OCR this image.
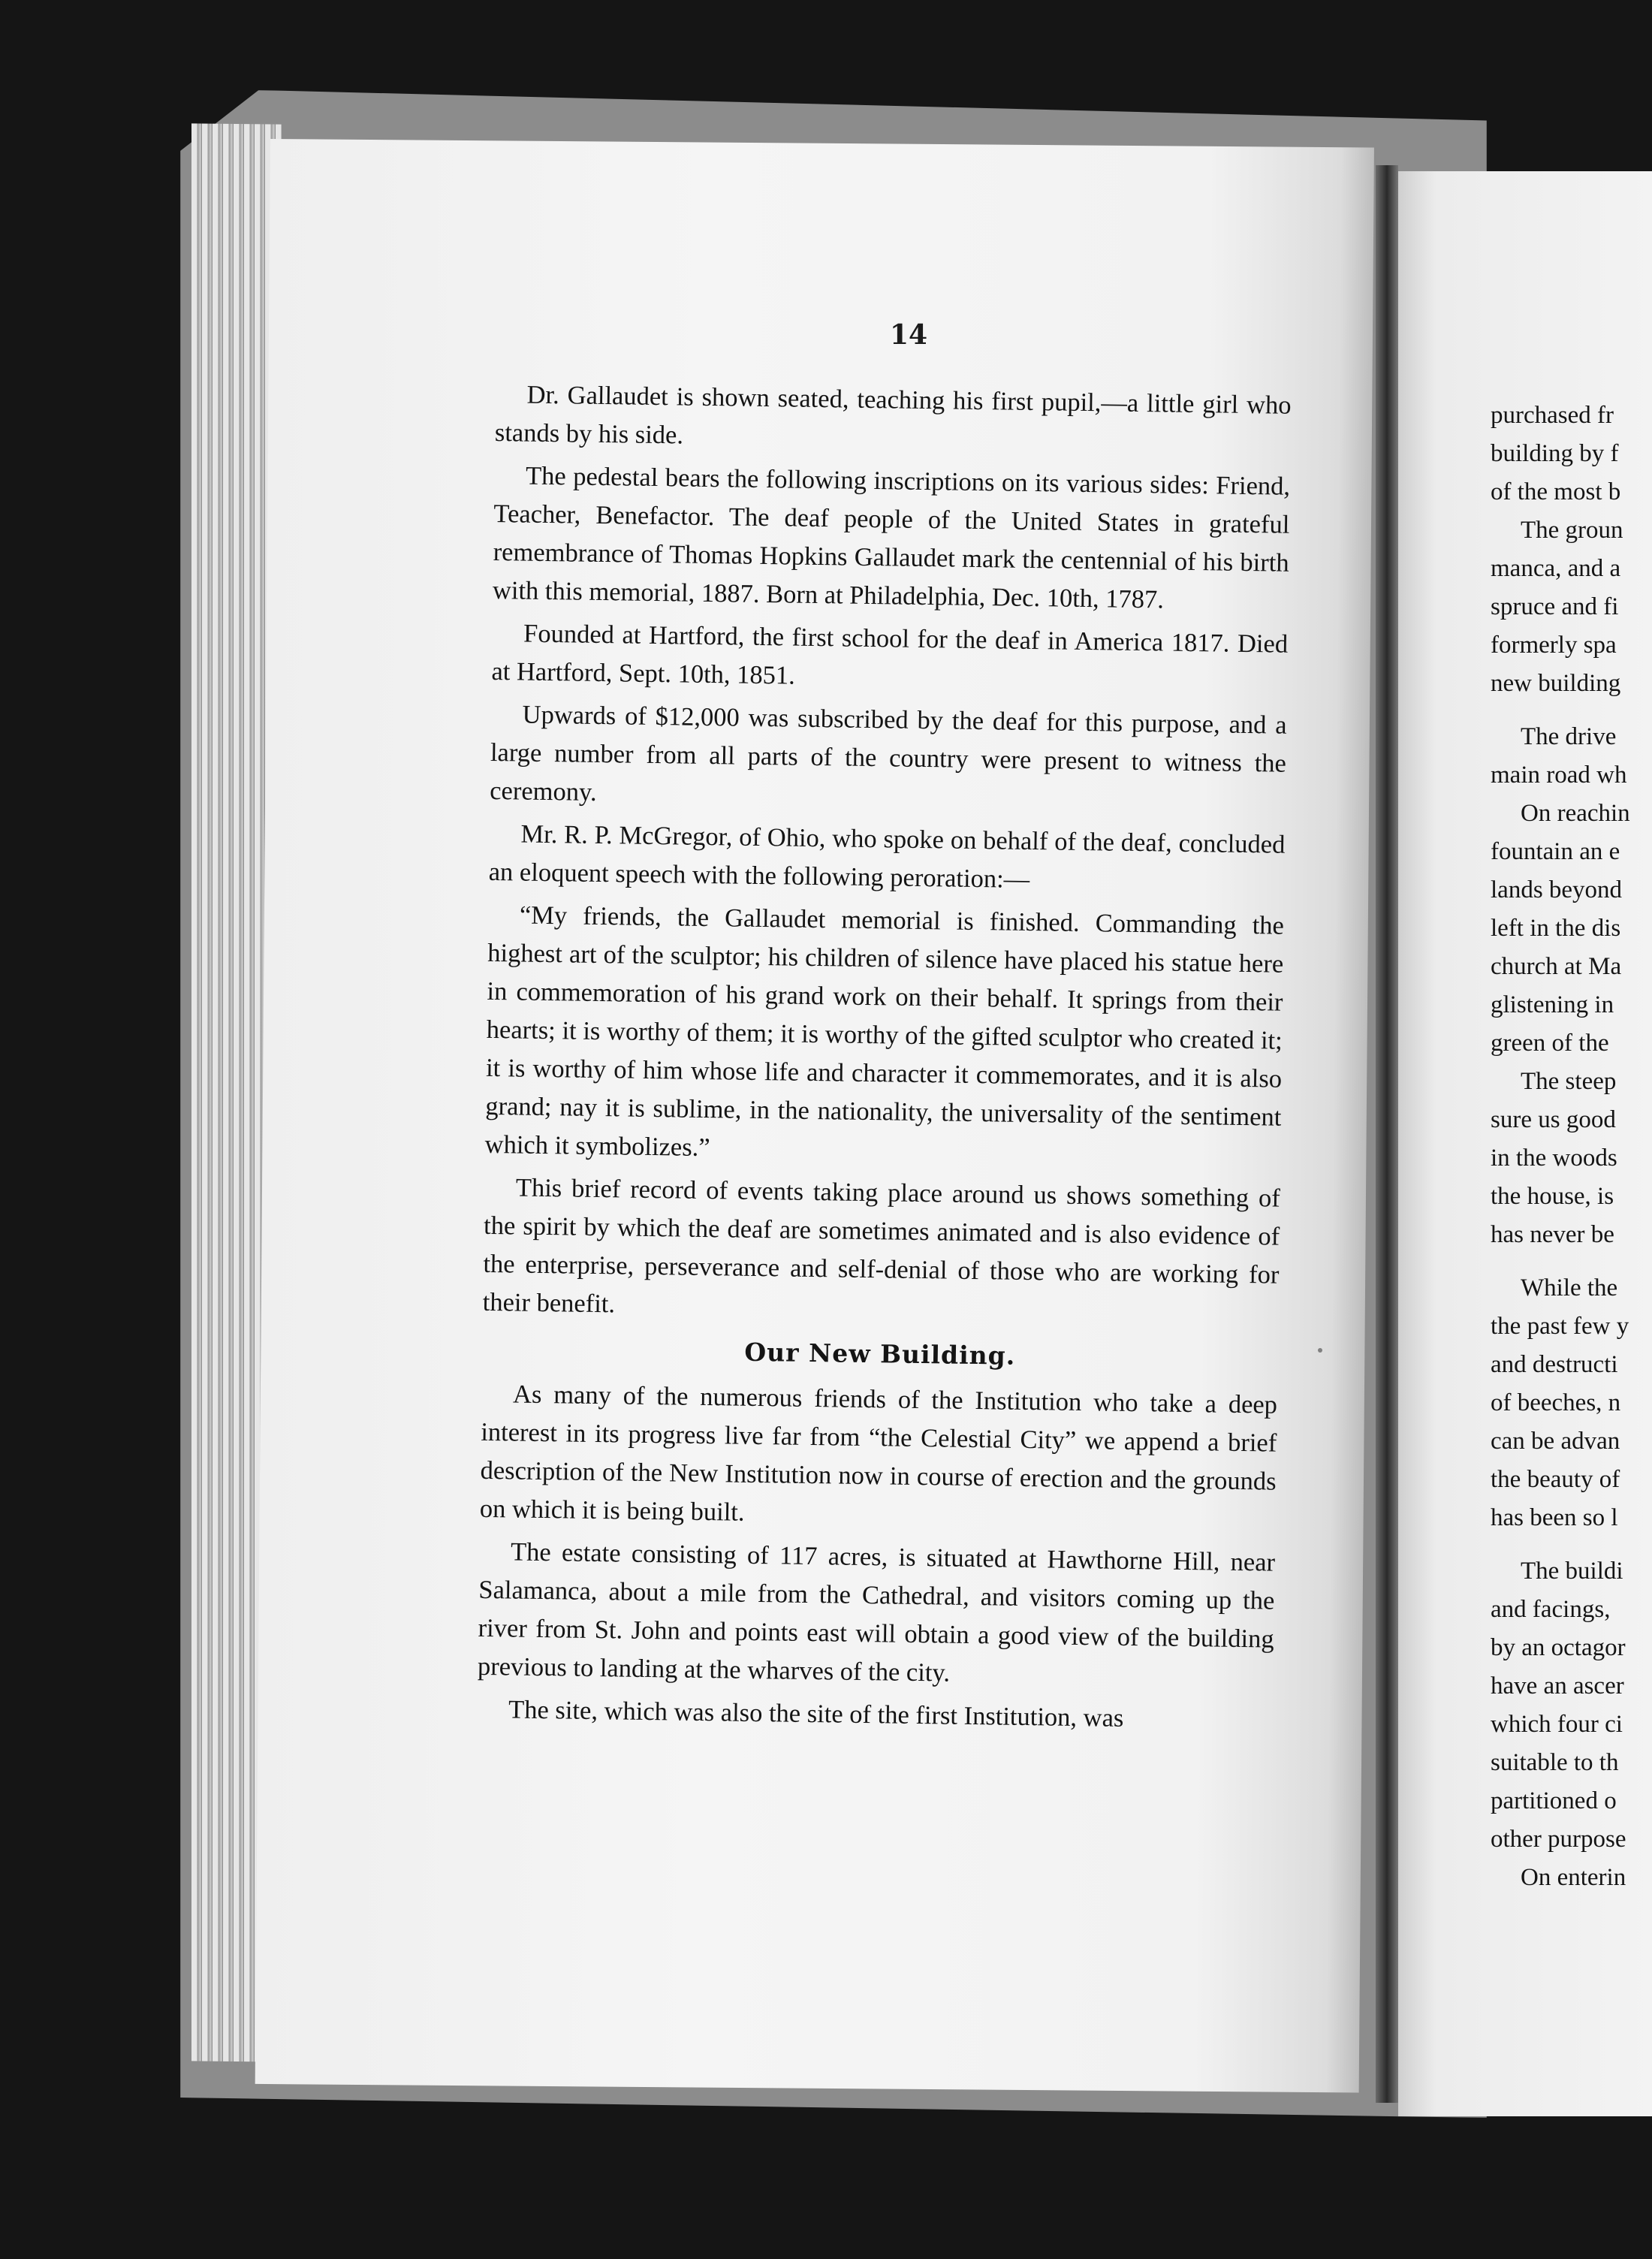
14

Dr. Gallaudet is shown seated, teaching his first pupil,—a little girl who stands by his side.

The pedestal bears the following inscriptions on its various sides: Friend, Teacher, Benefactor. The deaf people of the United States in grateful remembrance of Thomas Hopkins Gallaudet mark the centennial of his birth with this memorial, 1887. Born at Philadelphia, Dec. 10th, 1787.

Founded at Hartford, the first school for the deaf in America 1817. Died at Hartford, Sept. 10th, 1851.

Upwards of $12,000 was subscribed by the deaf for this purpose, and a large number from all parts of the country were present to witness the ceremony.

Mr. R. P. McGregor, of Ohio, who spoke on behalf of the deaf, concluded an eloquent speech with the following peroration:—

“My friends, the Gallaudet memorial is finished. Commanding the highest art of the sculptor; his children of silence have placed his statue here in commemoration of his grand work on their behalf. It springs from their hearts; it is worthy of them; it is worthy of the gifted sculptor who created it; it is worthy of him whose life and character it commemorates, and it is also grand; nay it is sublime, in the nationality, the universality of the sentiment which it symbolizes.”

This brief record of events taking place around us shows something of the spirit by which the deaf are sometimes animated and is also evidence of the enterprise, perseverance and self-denial of those who are working for their benefit.

Our New Building.

As many of the numerous friends of the Institution who take a deep interest in its progress live far from “the Celestial City” we append a brief description of the New Institution now in course of erection and the grounds on which it is being built.

The estate consisting of 117 acres, is situated at Hawthorne Hill, near Salamanca, about a mile from the Cathedral, and visitors coming up the river from St. John and points east will obtain a good view of the building previous to landing at the wharves of the city.

The site, which was also the site of the first Institution, was

purchased fr
building by f
of the most b
The groun
manca, and a
spruce and fi
formerly spa
new building
The drive
main road wh
On reachin
fountain an e
lands beyond
left in the dis
church at Ma
glistening in
green of the
The steep
sure us good
in the woods
the house, is
has never be
While the
the past few y
and destructi
of beeches, n
can be advan
the beauty of
has been so l
The buildi
and facings,
by an octagor
have an ascer
which four ci
suitable to th
partitioned o
other purpose
On enterin
